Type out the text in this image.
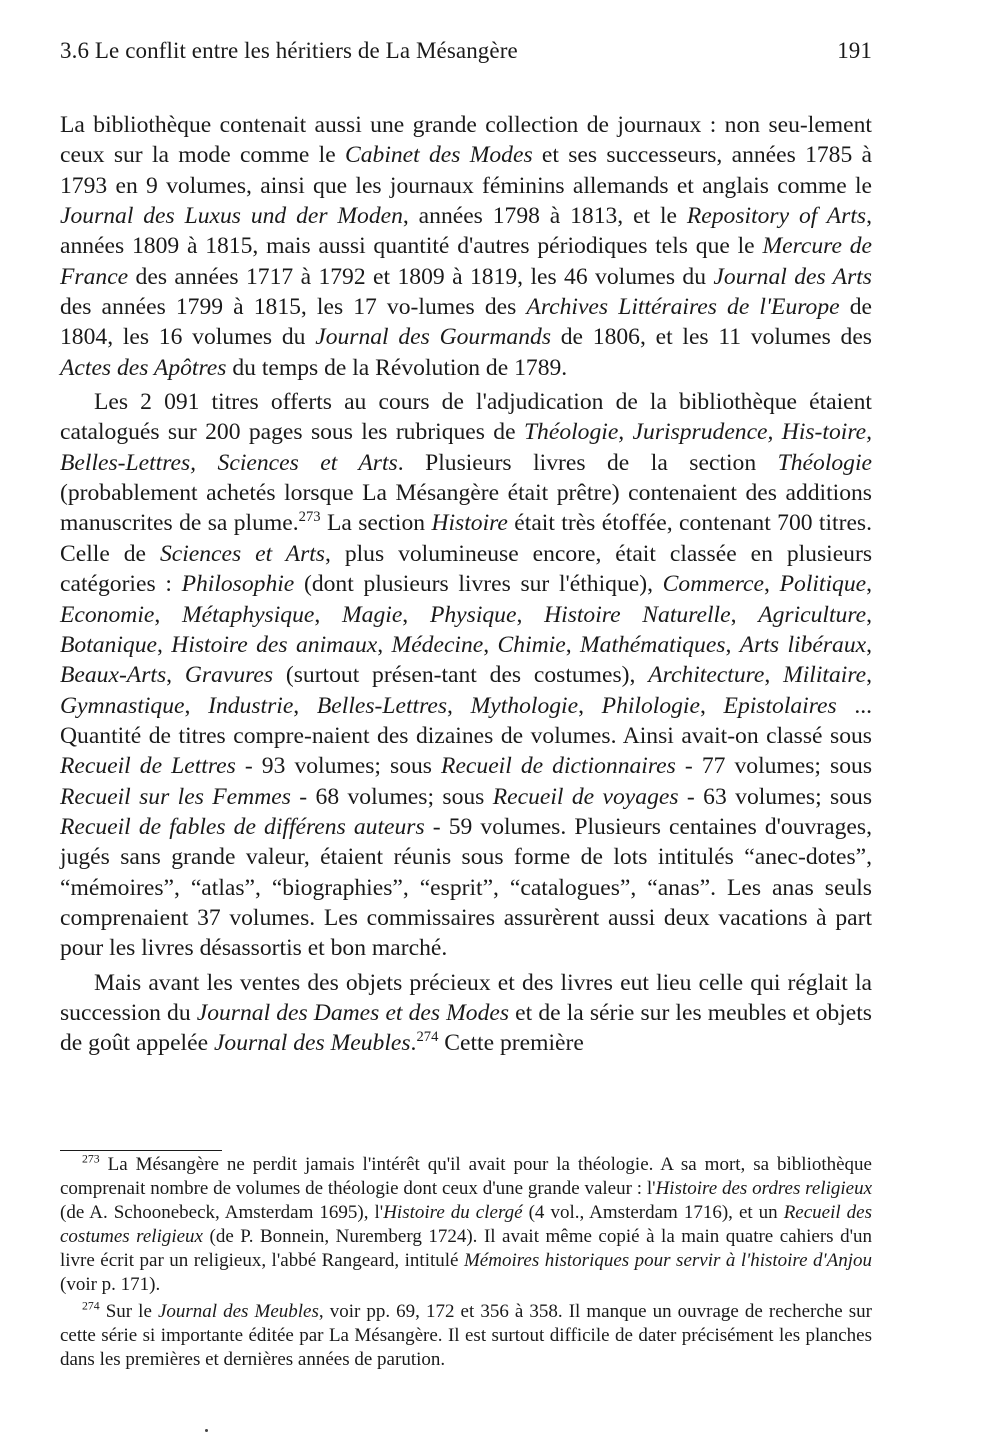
3.6 Le conflit entre les héritiers de La Mésangère	191

La bibliothèque contenait aussi une grande collection de journaux : non seu-lement ceux sur la mode comme le Cabinet des Modes et ses successeurs, années 1785 à 1793 en 9 volumes, ainsi que les journaux féminins allemands et anglais comme le Journal des Luxus und der Moden, années 1798 à 1813, et le Repository of Arts, années 1809 à 1815, mais aussi quantité d'autres périodiques tels que le Mercure de France des années 1717 à 1792 et 1809 à 1819, les 46 volumes du Journal des Arts des années 1799 à 1815, les 17 vo-lumes des Archives Littéraires de l'Europe de 1804, les 16 volumes du Journal des Gourmands de 1806, et les 11 volumes des Actes des Apôtres du temps de la Révolution de 1789.

Les 2 091 titres offerts au cours de l'adjudication de la bibliothèque étaient catalogués sur 200 pages sous les rubriques de Théologie, Jurisprudence, His-toire, Belles-Lettres, Sciences et Arts. Plusieurs livres de la section Théologie (probablement achetés lorsque La Mésangère était prêtre) contenaient des additions manuscrites de sa plume.$^{273}$ La section Histoire était très étoffée, contenant 700 titres. Celle de Sciences et Arts, plus volumineuse encore, était classée en plusieurs catégories : Philosophie (dont plusieurs livres sur l'éthique), Commerce, Politique, Economie, Métaphysique, Magie, Physique, Histoire Naturelle, Agriculture, Botanique, Histoire des animaux, Médecine, Chimie, Mathématiques, Arts libéraux, Beaux-Arts, Gravures (surtout présen-tant des costumes), Architecture, Militaire, Gymnastique, Industrie, Belles-Lettres, Mythologie, Philologie, Epistolaires ... Quantité de titres compre-naient des dizaines de volumes. Ainsi avait-on classé sous Recueil de Lettres - 93 volumes; sous Recueil de dictionnaires - 77 volumes; sous Recueil sur les Femmes - 68 volumes; sous Recueil de voyages - 63 volumes; sous Recueil de fables de différens auteurs - 59 volumes. Plusieurs centaines d'ouvrages, jugés sans grande valeur, étaient réunis sous forme de lots intitulés “anec-dotes”, “mémoires”, “atlas”, “biographies”, “esprit”, “catalogues”, “anas”. Les anas seuls comprenaient 37 volumes. Les commissaires assurèrent aussi deux vacations à part pour les livres désassortis et bon marché.

Mais avant les ventes des objets précieux et des livres eut lieu celle qui réglait la succession du Journal des Dames et des Modes et de la série sur les meubles et objets de goût appelée Journal des Meubles.$^{274}$ Cette première

$^{273}$ La Mésangère ne perdit jamais l'intérêt qu'il avait pour la théologie. A sa mort, sa bibliothèque comprenait nombre de volumes de théologie dont ceux d'une grande valeur : l'Histoire des ordres religieux (de A. Schoonebeck, Amsterdam 1695), l'Histoire du clergé (4 vol., Amsterdam 1716), et un Recueil des costumes religieux (de P. Bonnein, Nuremberg 1724). Il avait même copié à la main quatre cahiers d'un livre écrit par un religieux, l'abbé Rangeard, intitulé Mémoires historiques pour servir à l'histoire d'Anjou (voir p. 171).

$^{274}$ Sur le Journal des Meubles, voir pp. 69, 172 et 356 à 358. Il manque un ouvrage de recherche sur cette série si importante éditée par La Mésangère. Il est surtout difficile de dater précisément les planches dans les premières et dernières années de parution.
